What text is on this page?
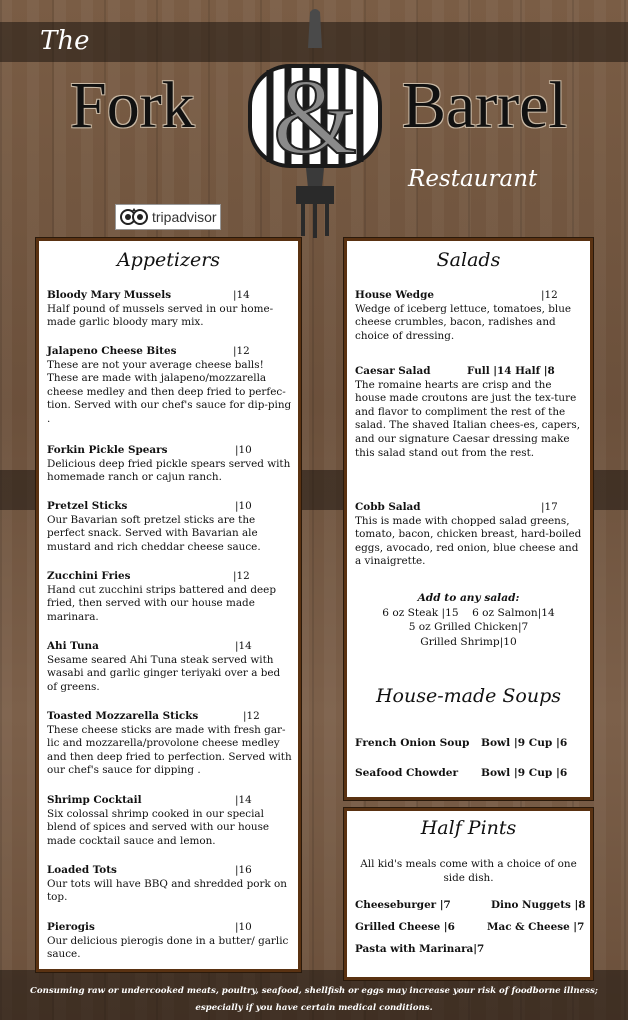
The
&
Fork	Barrel
Restaurant
tripadvisor
Appetizers
Bloody Mary Mussels	|14
Half pound of mussels served in our home-made garlic bloody mary mix.
Jalapeno Cheese Bites	|12
These are not your average cheese balls! These are made with jalapeno/mozzarella cheese medley and then deep fried to perfec-tion. Served with our chef's sauce for dip-ping .
Forkin Pickle Spears	|10
Delicious deep fried pickle spears served with homemade ranch or cajun ranch.
Pretzel Sticks	|10
Our Bavarian soft pretzel sticks are the perfect snack. Served with Bavarian ale mustard and rich cheddar cheese sauce.
Zucchini Fries	|12
Hand cut zucchini strips battered and deep fried, then served with our house made marinara.
Ahi Tuna	|14
Sesame seared Ahi Tuna steak served with wasabi and garlic ginger teriyaki over a bed of greens.
Toasted Mozzarella Sticks	|12
These cheese sticks are made with fresh gar-lic and mozzarella/provolone cheese medley and then deep fried to perfection. Served with our chef's sauce for dipping .
Shrimp Cocktail	|14
Six colossal shrimp cooked in our special blend of spices and served with our house made cocktail sauce and lemon.
Loaded Tots	|16
Our tots will have BBQ and shredded pork on top.
Pierogis	|10
Our delicious pierogis done in a butter/ garlic sauce.
Salads
House Wedge	|12
Wedge of iceberg lettuce, tomatoes, blue cheese crumbles, bacon, radishes and choice of dressing.
Caesar Salad	Full |14 Half |8
The romaine hearts are crisp and the house made croutons are just the tex-ture and flavor to compliment the rest of the salad. The shaved Italian chees-es, capers, and our signature Caesar dressing make this salad stand out from the rest.
Cobb Salad	|17
This is made with chopped salad greens, tomato, bacon, chicken breast, hard-boiled eggs, avocado, red onion, blue cheese and a vinaigrette.
Add to any salad:
6 oz Steak |15    6 oz Salmon|14
5 oz Grilled Chicken|7
Grilled Shrimp|10
House-made Soups
French Onion Soup Bowl |9 Cup |6
Seafood Chowder Bowl |9 Cup |6
Half Pints
All kid's meals come with a choice of one side dish.
Cheeseburger |7	Dino Nuggets |8
Grilled Cheese |6	Mac & Cheese |7
Pasta with Marinara|7
Consuming raw or undercooked meats, poultry, seafood, shellfish or eggs may increase your risk of foodborne illness; especially if you have certain medical conditions.
